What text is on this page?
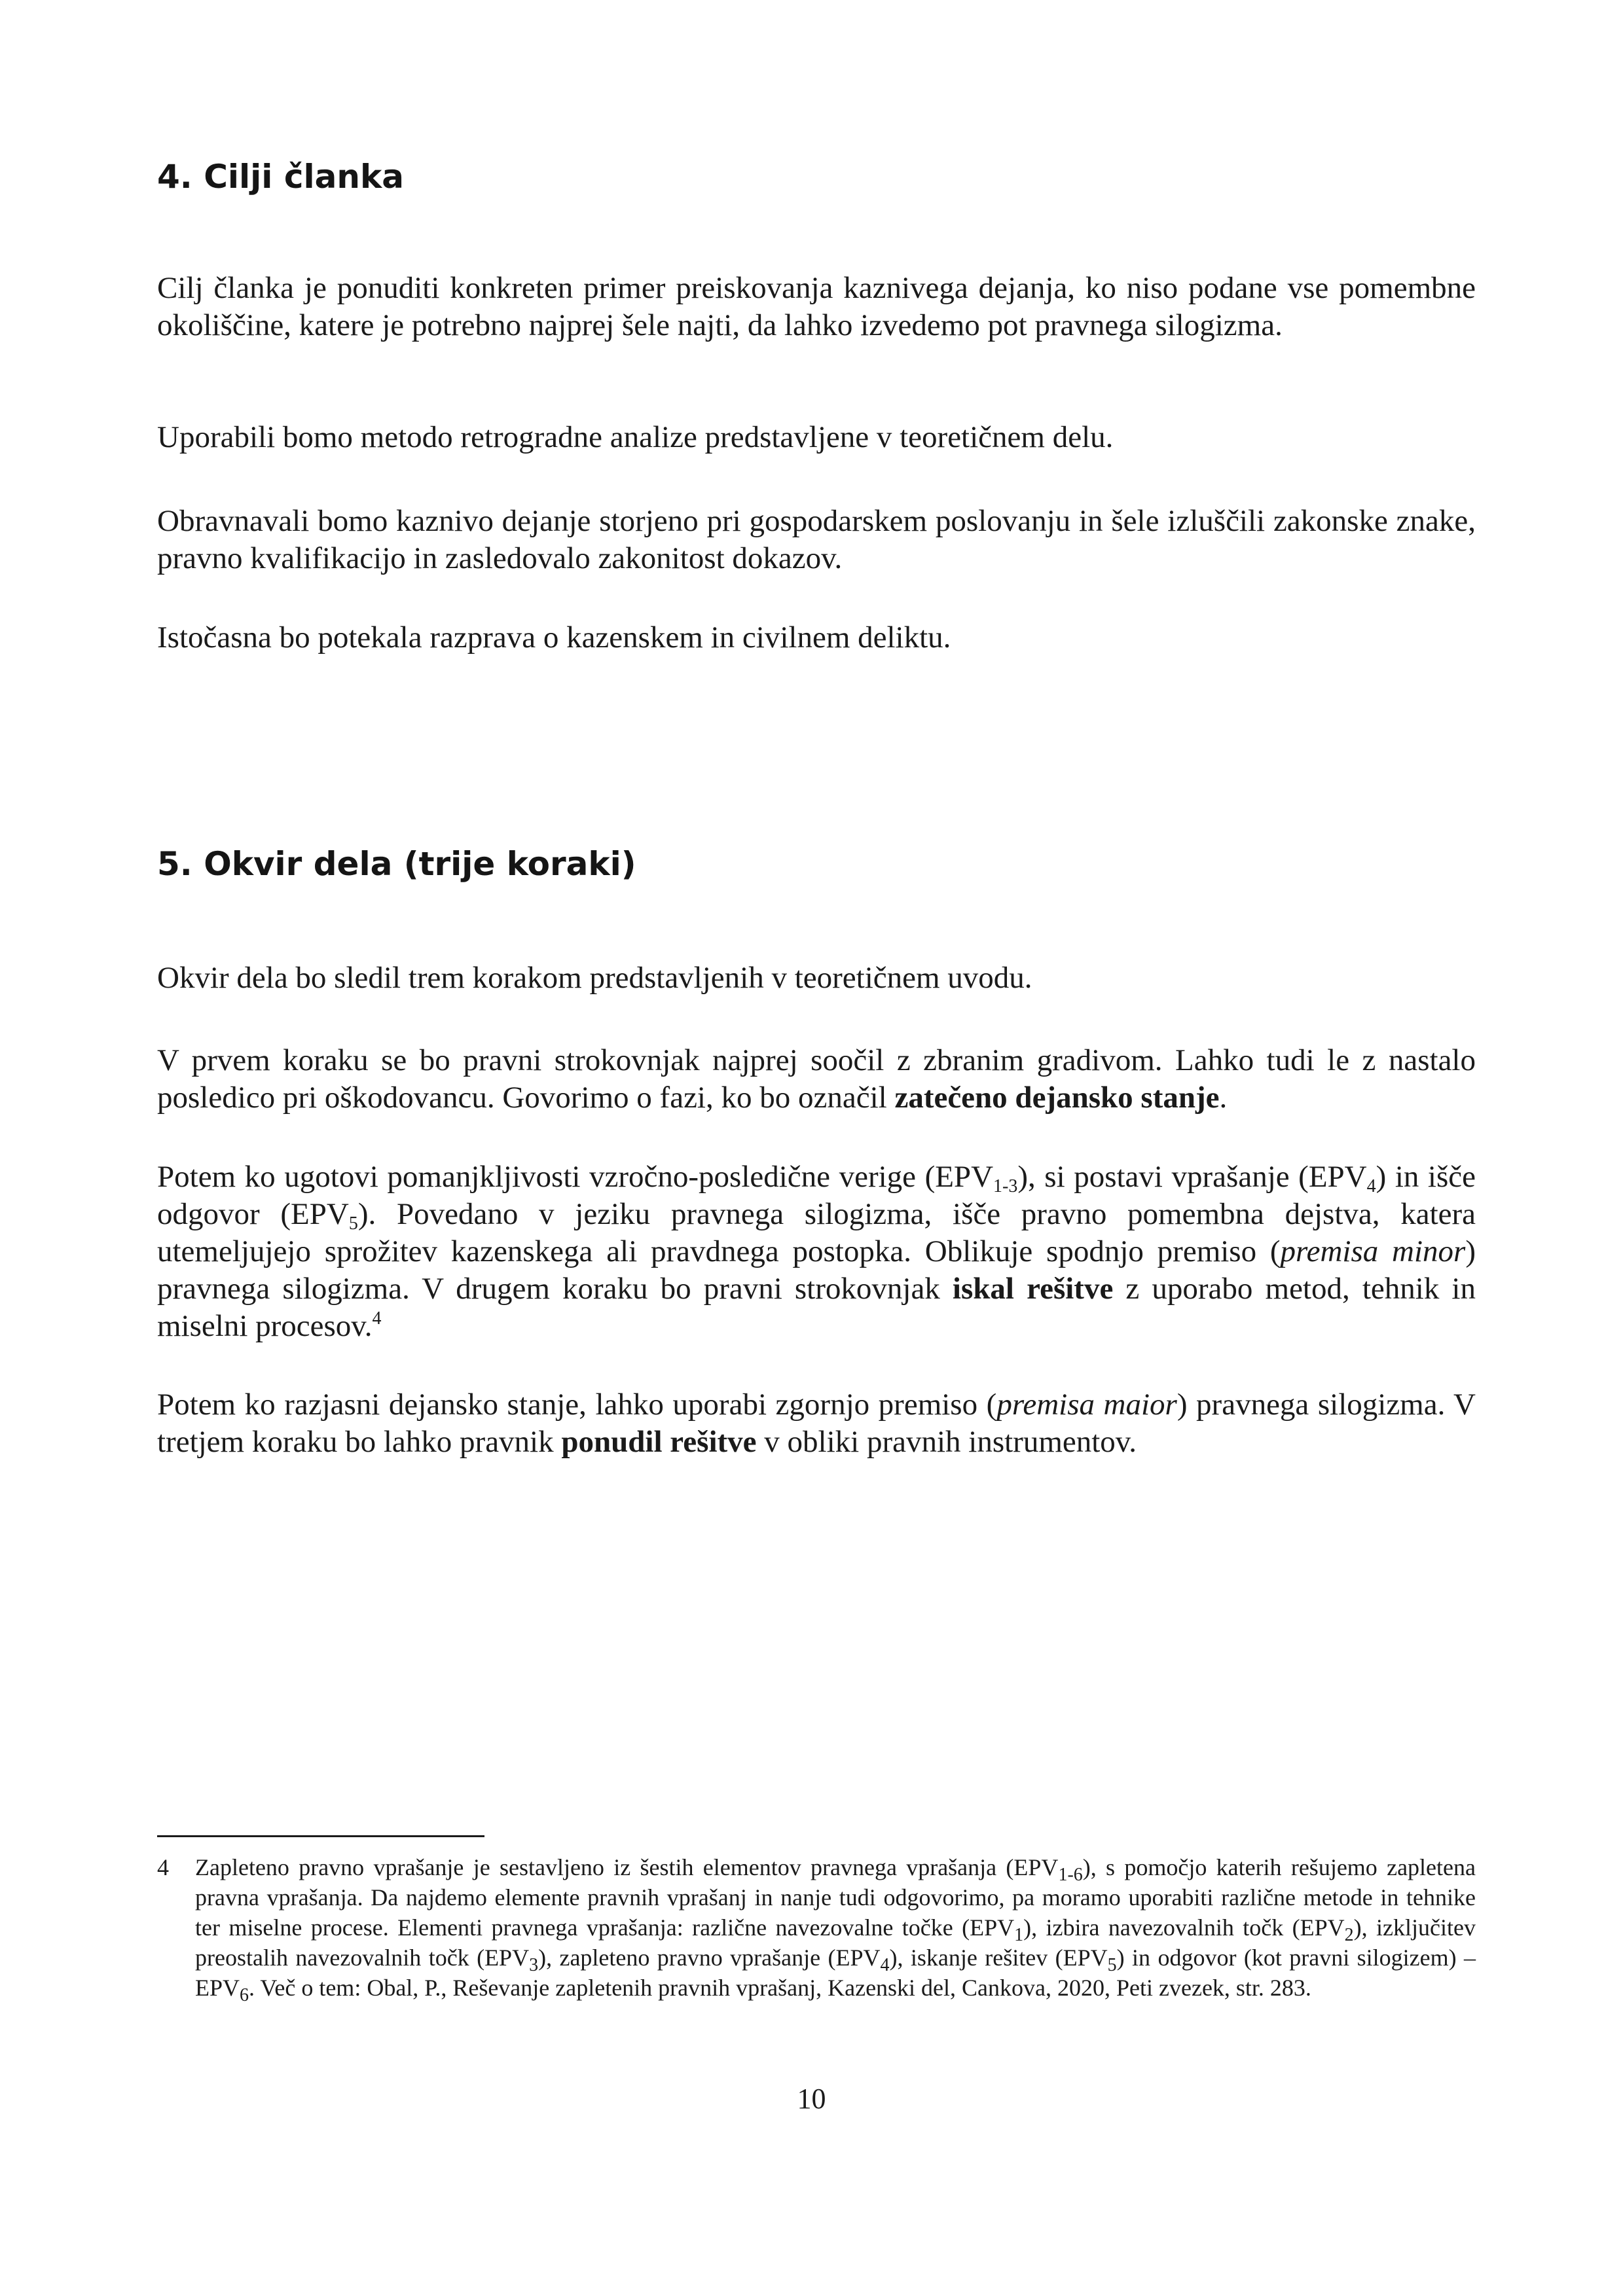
4. Cilji članka

Cilj članka je ponuditi konkreten primer preiskovanja kaznivega dejanja, ko niso podane vse pomembne okoliščine, katere je potrebno najprej šele najti, da lahko izvedemo pot pravnega silogizma.

Uporabili bomo metodo retrogradne analize predstavljene v teoretičnem delu.

Obravnavali bomo kaznivo dejanje storjeno pri gospodarskem poslovanju in šele izluščili zakonske znake, pravno kvalifikacijo in zasledovalo zakonitost dokazov.

Istočasna bo potekala razprava o kazenskem in civilnem deliktu.

5. Okvir dela (trije koraki)

Okvir dela bo sledil trem korakom predstavljenih v teoretičnem uvodu.

V prvem koraku se bo pravni strokovnjak najprej soočil z zbranim gradivom. Lahko tudi le z nastalo posledico pri oškodovancu. Govorimo o fazi, ko bo označil zatečeno dejansko stanje.

Potem ko ugotovi pomanjkljivosti vzročno-posledične verige $(EPV_{1-3})$, si postavi vprašanje $(EPV_4)$ in išče odgovor $(EPV_5)$. Povedano v jeziku pravnega silogizma, išče pravno pomembna dejstva, katera utemeljujejo sprožitev kazenskega ali pravdnega postopka. Oblikuje spodnjo premiso (premisa minor) pravnega silogizma. V drugem koraku bo pravni strokovnjak iskal rešitve z uporabo metod, tehnik in miselni procesov.$^4$

Potem ko razjasni dejansko stanje, lahko uporabi zgornjo premiso (premisa maior) pravnega silogizma. V tretjem koraku bo lahko pravnik ponudil rešitve v obliki pravnih instrumentov.

4 Zapleteno pravno vprašanje je sestavljeno iz šestih elementov pravnega vprašanja $(EPV_{1-6})$, s pomočjo katerih rešujemo zapletena pravna vprašanja. Da najdemo elemente pravnih vprašanj in nanje tudi odgovorimo, pa moramo uporabiti različne metode in tehnike ter miselne procese. Elementi pravnega vprašanja: različne navezovalne točke $(EPV_1)$, izbira navezovalnih točk $(EPV_2)$, izključitev preostalih navezovalnih točk $(EPV_3)$, zapleteno pravno vprašanje $(EPV_4)$, iskanje rešitev $(EPV_5)$ in odgovor (kot pravni silogizem) – $EPV_6$. Več o tem: Obal, P., Reševanje zapletenih pravnih vprašanj, Kazenski del, Cankova, 2020, Peti zvezek, str. 283.
10
